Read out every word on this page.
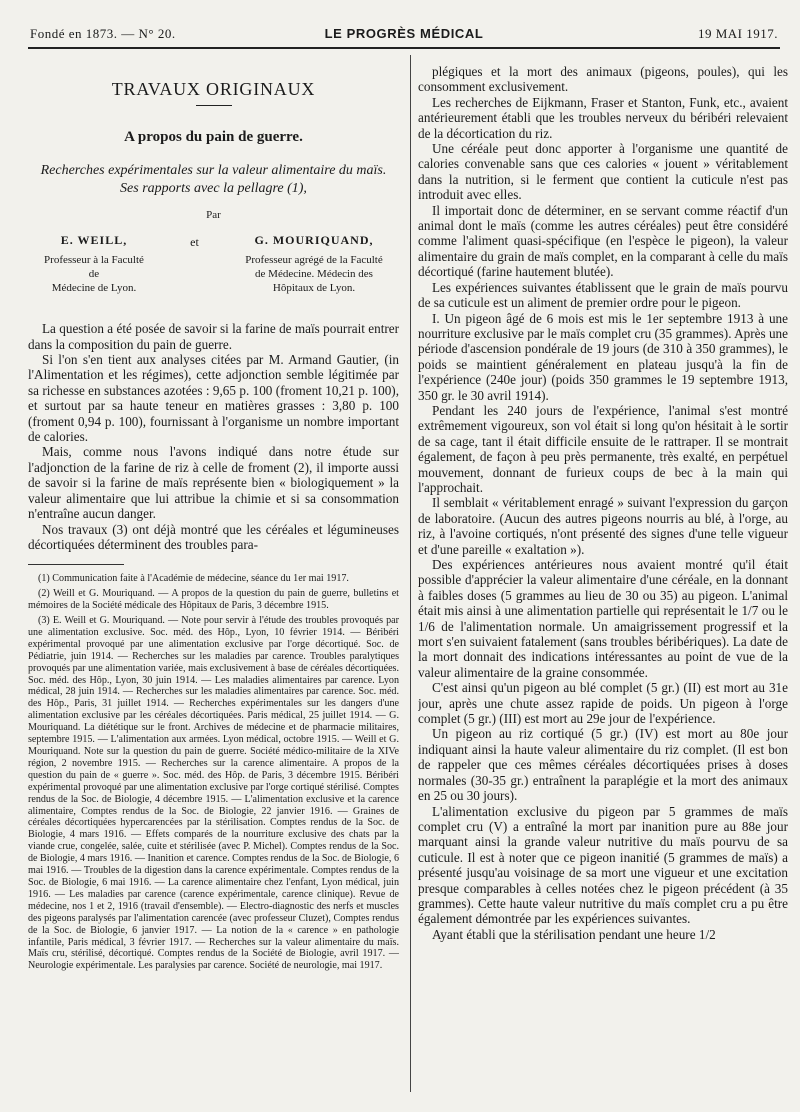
Fondé en 1873. — N° 20.	LE PROGRÈS MÉDICAL	19 MAI 1917.
TRAVAUX ORIGINAUX
A propos du pain de guerre.
Recherches expérimentales sur la valeur alimentaire du maïs.
Ses rapports avec la pellagre (1),
Par
E. WEILL,
Professeur à la Faculté
de
Médecine de Lyon.
et	G. MOURIQUAND,
Professeur agrégé de la Faculté
de Médecine. Médecin des
Hôpitaux de Lyon.

La question a été posée de savoir si la farine de maïs pourrait entrer dans la composition du pain de guerre.

Si l'on s'en tient aux analyses citées par M. Armand Gautier, (in l'Alimentation et les régimes), cette adjonction semble légitimée par sa richesse en substances azotées : 9,65 p. 100 (froment 10,21 p. 100), et surtout par sa haute teneur en matières grasses : 3,80 p. 100 (froment 0,94 p. 100), fournissant à l'organisme un nombre important de calories.

Mais, comme nous l'avons indiqué dans notre étude sur l'adjonction de la farine de riz à celle de froment (2), il importe aussi de savoir si la farine de maïs représente bien « biologiquement » la valeur alimentaire que lui attribue la chimie et si sa consommation n'entraîne aucun danger.

Nos travaux (3) ont déjà montré que les céréales et légumineuses décortiquées déterminent des troubles para-

(1) Communication faite à l'Académie de médecine, séance du 1er mai 1917.

(2) Weill et G. Mouriquand. — A propos de la question du pain de guerre, bulletins et mémoires de la Société médicale des Hôpitaux de Paris, 3 décembre 1915.

(3) E. Weill et G. Mouriquand. — Note pour servir à l'étude des troubles provoqués par une alimentation exclusive. Soc. méd. des Hôp., Lyon, 10 février 1914. — Béribéri expérimental provoqué par une alimentation exclusive par l'orge décortiqué. Soc. de Pédiatrie, juin 1914. — Recherches sur les maladies par carence. Troubles paralytiques provoqués par une alimentation variée, mais exclusivement à base de céréales décortiquées. Soc. méd. des Hôp., Lyon, 30 juin 1914. — Les maladies alimentaires par carence. Lyon médical, 28 juin 1914. — Recherches sur les maladies alimentaires par carence. Soc. méd. des Hôp., Paris, 31 juillet 1914. — Recherches expérimentales sur les dangers d'une alimentation exclusive par les céréales décortiquées. Paris médical, 25 juillet 1914. — G. Mouriquand. La diététique sur le front. Archives de médecine et de pharmacie militaires, septembre 1915. — L'alimentation aux armées. Lyon médical, octobre 1915. — Weill et G. Mouriquand. Note sur la question du pain de guerre. Société médico-militaire de la XIVe région, 2 novembre 1915. — Recherches sur la carence alimentaire. A propos de la question du pain de « guerre ». Soc. méd. des Hôp. de Paris, 3 décembre 1915. Béribéri expérimental provoqué par une alimentation exclusive par l'orge cortiqué stérilisé. Comptes rendus de la Soc. de Biologie, 4 décembre 1915. — L'alimentation exclusive et la carence alimentaire, Comptes rendus de la Soc. de Biologie, 22 janvier 1916. — Graines de céréales décortiquées hypercarencées par la stérilisation. Comptes rendus de la Soc. de Biologie, 4 mars 1916. — Effets comparés de la nourriture exclusive des chats par la viande crue, congelée, salée, cuite et stérilisée (avec P. Michel). Comptes rendus de la Soc. de Biologie, 4 mars 1916. — Inanition et carence. Comptes rendus de la Soc. de Biologie, 6 mai 1916. — Troubles de la digestion dans la carence expérimentale. Comptes rendus de la Soc. de Biologie, 6 mai 1916. — La carence alimentaire chez l'enfant, Lyon médical, juin 1916. — Les maladies par carence (carence expérimentale, carence clinique). Revue de médecine, nos 1 et 2, 1916 (travail d'ensemble). — Electro-diagnostic des nerfs et muscles des pigeons paralysés par l'alimentation carencée (avec professeur Cluzet), Comptes rendus de la Soc. de Biologie, 6 janvier 1917. — La notion de la « carence » en pathologie infantile, Paris médical, 3 février 1917. — Recherches sur la valeur alimentaire du maïs. Maïs cru, stérilisé, décortiqué. Comptes rendus de la Société de Biologie, avril 1917. — Neurologie expérimentale. Les paralysies par carence. Société de neurologie, mai 1917.

plégiques et la mort des animaux (pigeons, poules), qui les consomment exclusivement.

Les recherches de Eijkmann, Fraser et Stanton, Funk, etc., avaient antérieurement établi que les troubles nerveux du béribéri relevaient de la décortication du riz.

Une céréale peut donc apporter à l'organisme une quantité de calories convenable sans que ces calories « jouent » véritablement dans la nutrition, si le ferment que contient la cuticule n'est pas introduit avec elles.

Il importait donc de déterminer, en se servant comme réactif d'un animal dont le maïs (comme les autres céréales) peut être considéré comme l'aliment quasi-spécifique (en l'espèce le pigeon), la valeur alimentaire du grain de maïs complet, en la comparant à celle du maïs décortiqué (farine hautement blutée).

Les expériences suivantes établissent que le grain de maïs pourvu de sa cuticule est un aliment de premier ordre pour le pigeon.

I. Un pigeon âgé de 6 mois est mis le 1er septembre 1913 à une nourriture exclusive par le maïs complet cru (35 grammes). Après une période d'ascension pondérale de 19 jours (de 310 à 350 grammes), le poids se maintient généralement en plateau jusqu'à la fin de l'expérience (240e jour) (poids 350 grammes le 19 septembre 1913, 350 gr. le 30 avril 1914).

Pendant les 240 jours de l'expérience, l'animal s'est montré extrêmement vigoureux, son vol était si long qu'on hésitait à le sortir de sa cage, tant il était difficile ensuite de le rattraper. Il se montrait également, de façon à peu près permanente, très exalté, en perpétuel mouvement, donnant de furieux coups de bec à la main qui l'approchait.

Il semblait « véritablement enragé » suivant l'expression du garçon de laboratoire. (Aucun des autres pigeons nourris au blé, à l'orge, au riz, à l'avoine cortiqués, n'ont présenté des signes d'une telle vigueur et d'une pareille « exaltation »).

Des expériences antérieures nous avaient montré qu'il était possible d'apprécier la valeur alimentaire d'une céréale, en la donnant à faibles doses (5 grammes au lieu de 30 ou 35) au pigeon. L'animal était mis ainsi à une alimentation partielle qui représentait le 1/7 ou le 1/6 de l'alimentation normale. Un amaigrissement progressif et la mort s'en suivaient fatalement (sans troubles béribériques). La date de la mort donnait des indications intéressantes au point de vue de la valeur alimentaire de la graine consommée.

C'est ainsi qu'un pigeon au blé complet (5 gr.) (II) est mort au 31e jour, après une chute assez rapide de poids. Un pigeon à l'orge complet (5 gr.) (III) est mort au 29e jour de l'expérience.

Un pigeon au riz cortiqué (5 gr.) (IV) est mort au 80e jour indiquant ainsi la haute valeur alimentaire du riz complet. (Il est bon de rappeler que ces mêmes céréales décortiquées prises à doses normales (30-35 gr.) entraînent la paraplégie et la mort des animaux en 25 ou 30 jours).

L'alimentation exclusive du pigeon par 5 grammes de maïs complet cru (V) a entraîné la mort par inanition pure au 88e jour marquant ainsi la grande valeur nutritive du maïs pourvu de sa cuticule. Il est à noter que ce pigeon inanitié (5 grammes de maïs) a présenté jusqu'au voisinage de sa mort une vigueur et une excitation presque comparables à celles notées chez le pigeon précédent (à 35 grammes). Cette haute valeur nutritive du maïs complet cru a pu être également démontrée par les expériences suivantes.

Ayant établi que la stérilisation pendant une heure 1/2
